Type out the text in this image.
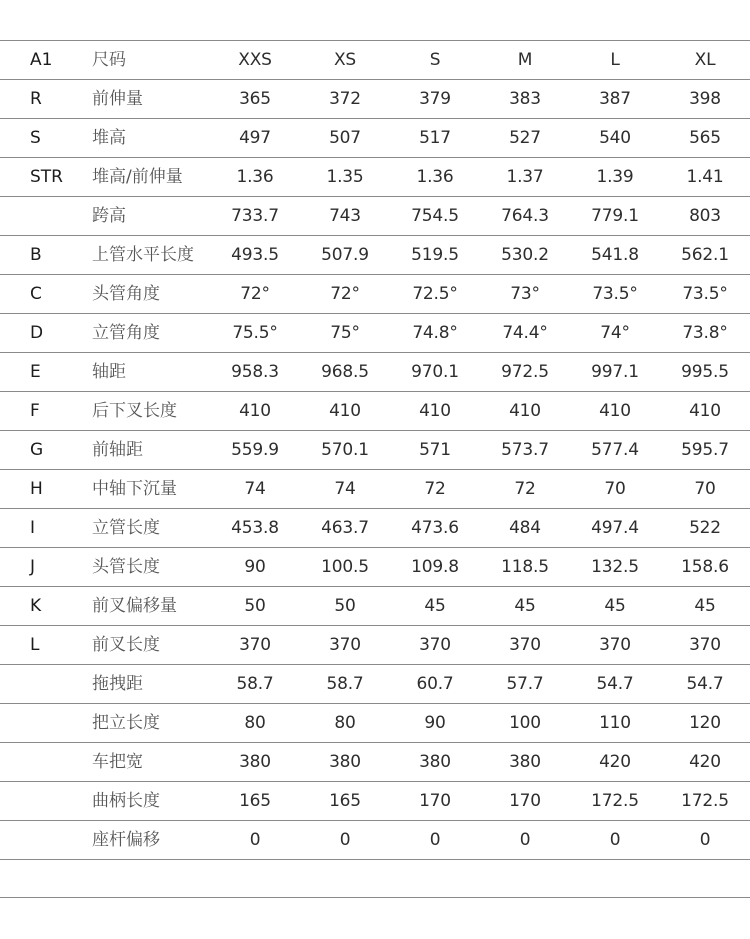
A1	尺码	XXS	XS	S	M	L	XL
R	前伸量	365	372	379	383	387	398
S	堆高	497	507	517	527	540	565
STR	堆高/前伸量	1.36	1.35	1.36	1.37	1.39	1.41
	跨高	733.7	743	754.5	764.3	779.1	803
B	上管水平长度	493.5	507.9	519.5	530.2	541.8	562.1
C	头管角度	72°	72°	72.5°	73°	73.5°	73.5°
D	立管角度	75.5°	75°	74.8°	74.4°	74°	73.8°
E	轴距	958.3	968.5	970.1	972.5	997.1	995.5
F	后下叉长度	410	410	410	410	410	410
G	前轴距	559.9	570.1	571	573.7	577.4	595.7
H	中轴下沉量	74	74	72	72	70	70
I	立管长度	453.8	463.7	473.6	484	497.4	522
J	头管长度	90	100.5	109.8	118.5	132.5	158.6
K	前叉偏移量	50	50	45	45	45	45
L	前叉长度	370	370	370	370	370	370
	拖拽距	58.7	58.7	60.7	57.7	54.7	54.7
	把立长度	80	80	90	100	110	120
	车把宽	380	380	380	380	420	420
	曲柄长度	165	165	170	170	172.5	172.5
	座杆偏移	0	0	0	0	0	0
